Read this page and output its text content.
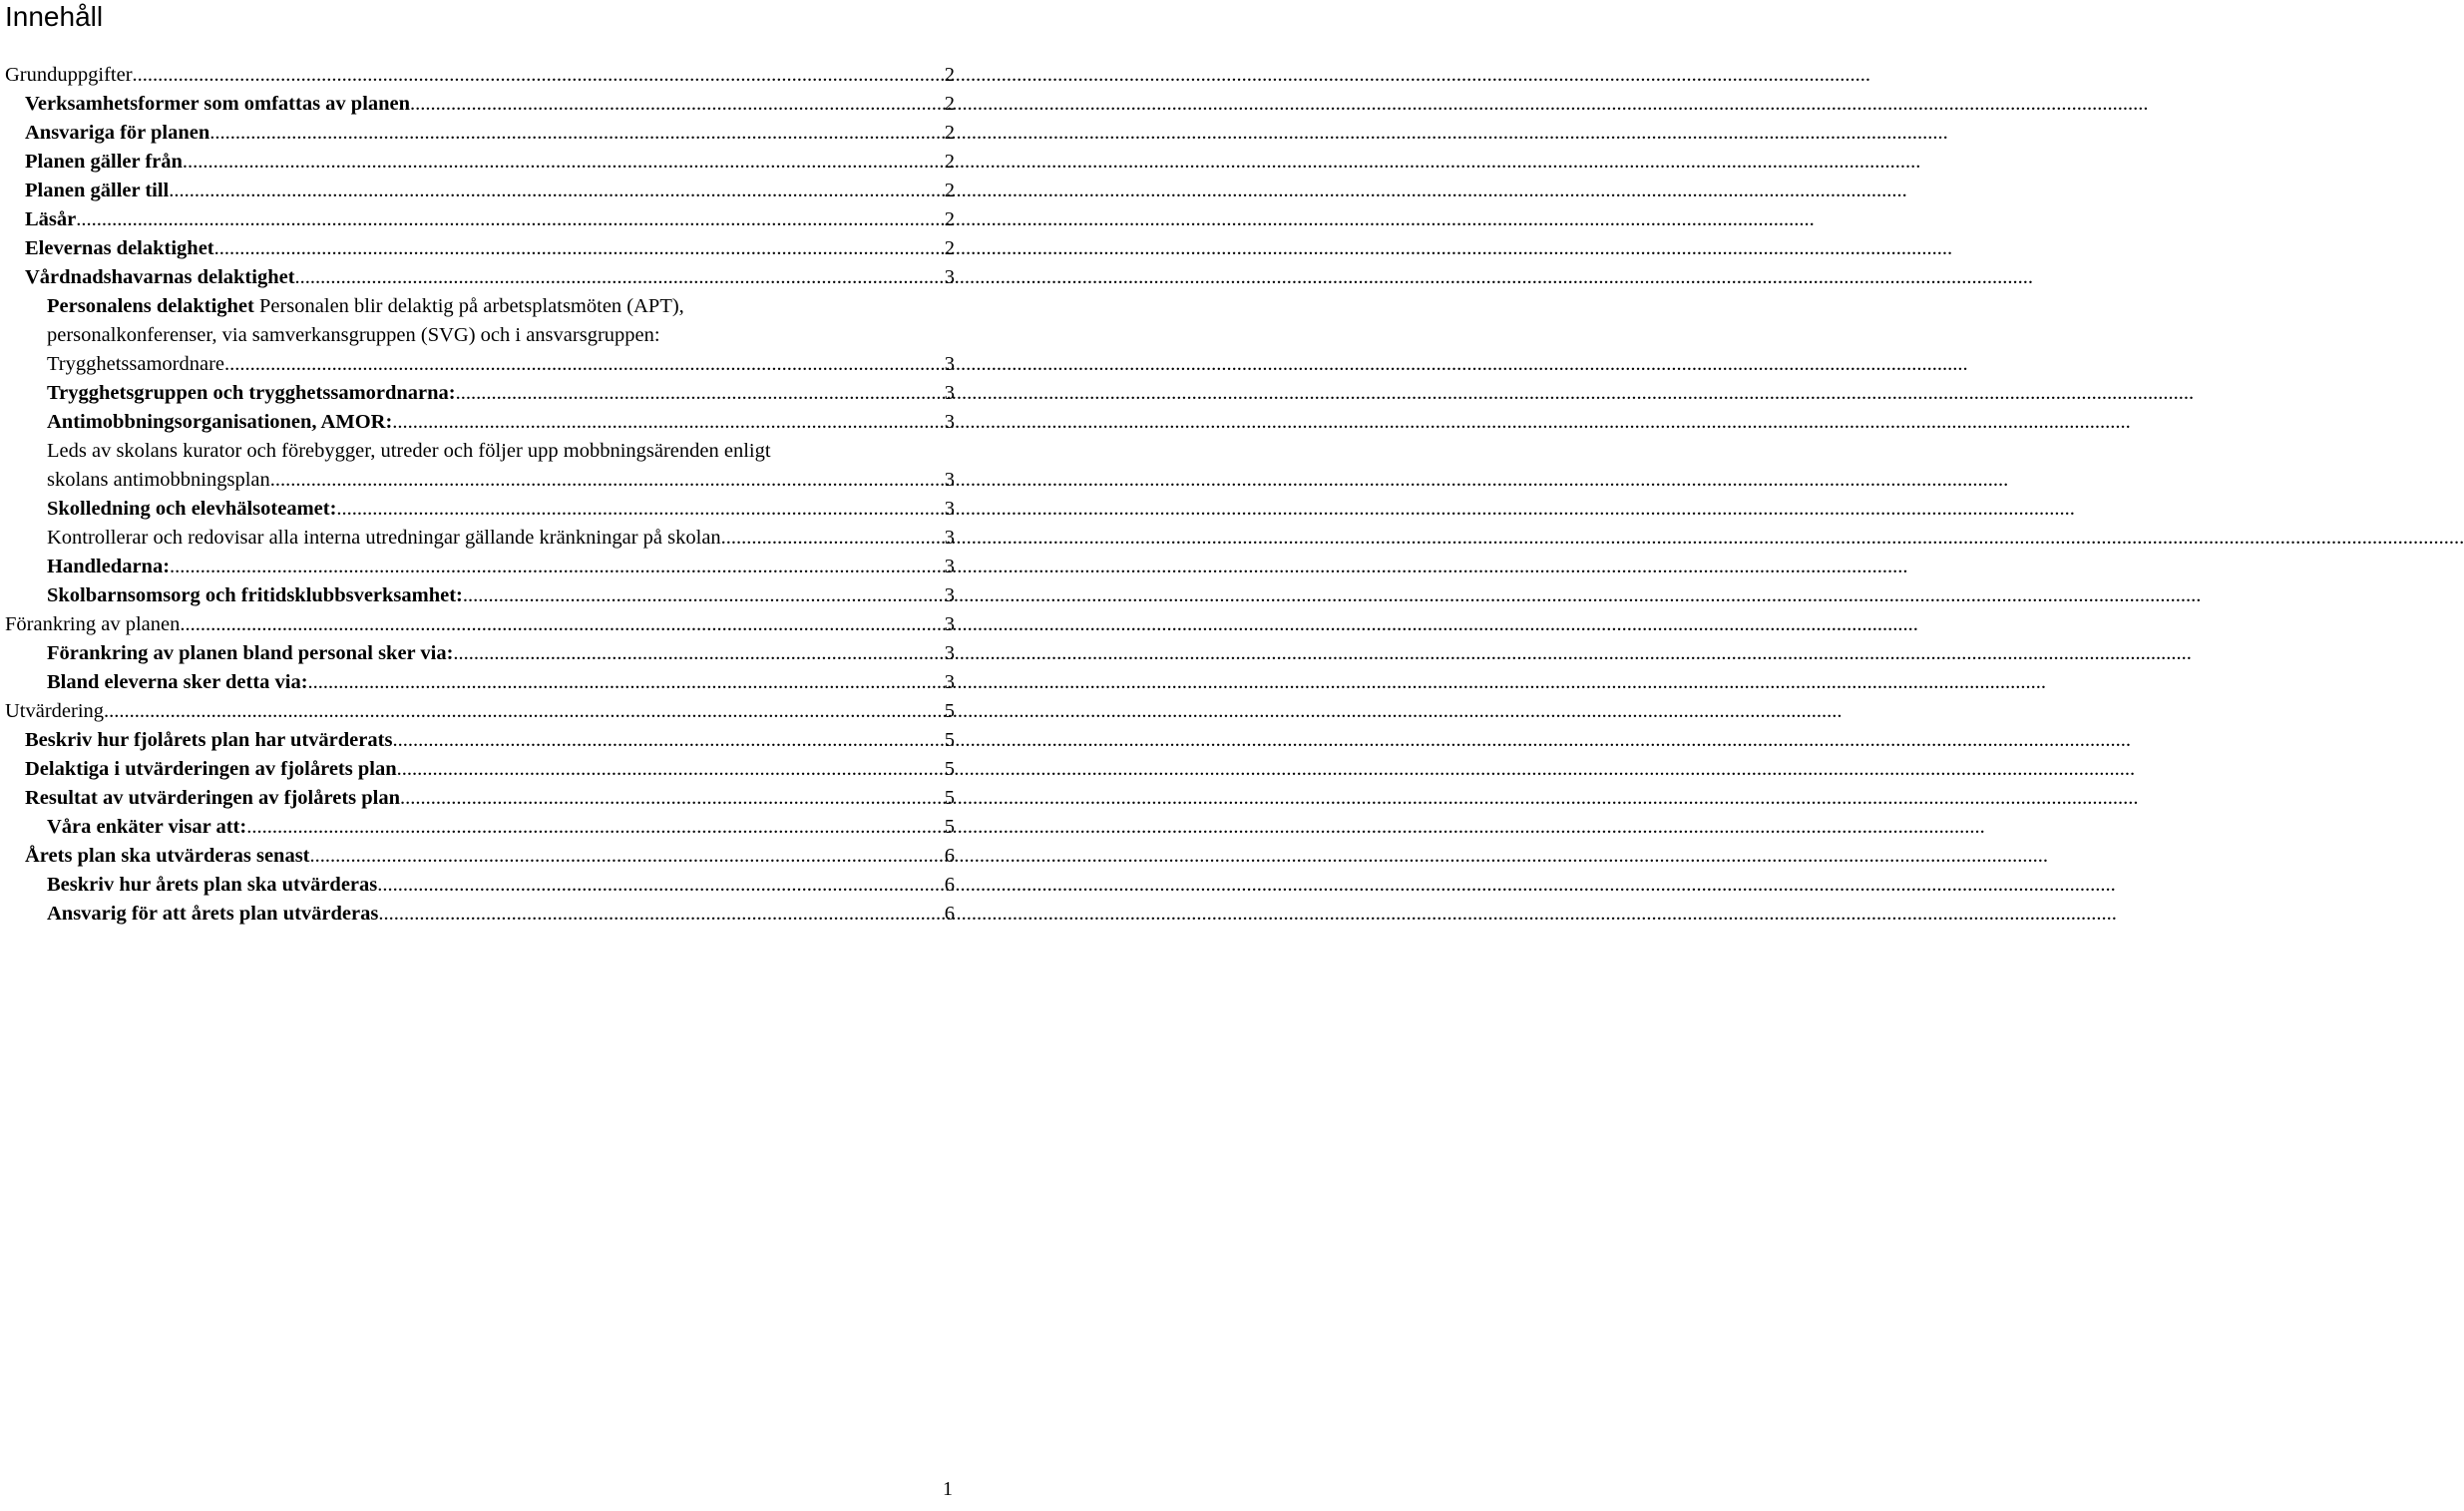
Innehåll
Grunduppgifter .....	2
Verksamhetsformer som omfattas av planen .....	2
Ansvariga för planen .....	2
Planen gäller från .....	2
Planen gäller till .....	2
Läsår .....	2
Elevernas delaktighet .....	2
Vårdnadshavarnas delaktighet .....	3
Personalens delaktighet Personalen blir delaktig på arbetsplatsmöten (APT),
personalkonferenser, via samverkansgruppen (SVG) och i ansvarsgruppen:
Trygghetssamordnare. .....	3
Trygghetsgruppen och trygghetssamordnarna: .....	3
Antimobbningsorganisationen, AMOR: .....	3
Leds av skolans kurator och förebygger, utreder och följer upp mobbningsärenden enligt
skolans antimobbningsplan .....	3
Skolledning och elevhälsoteamet: .....	3
Kontrollerar och redovisar alla interna utredningar gällande kränkningar på skolan. .....	3
Handledarna: .....	3
Skolbarnsomsorg och fritidsklubbsverksamhet: .....	3
Förankring av planen .....	3
Förankring av planen bland personal sker via: .....	3
Bland eleverna sker detta via: .....	3
Utvärdering .....	5
Beskriv hur fjolårets plan har utvärderats .....	5
Delaktiga i utvärderingen av fjolårets plan .....	5
Resultat av utvärderingen av fjolårets plan .....	5
Våra enkäter visar att: .....	5
Årets plan ska utvärderas senast .....	6
Beskriv hur årets plan ska utvärderas .....	6
Ansvarig för att årets plan utvärderas .....	6
1
